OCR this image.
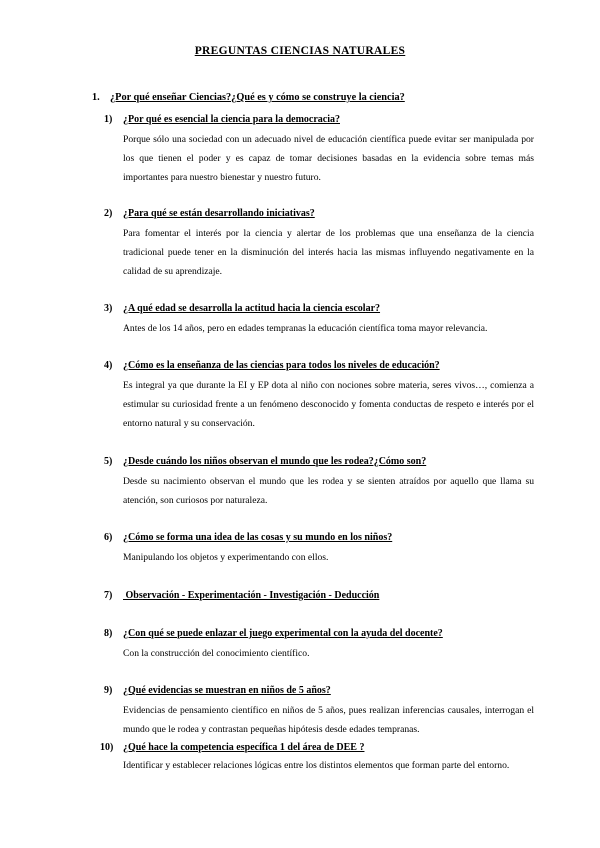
PREGUNTAS CIENCIAS NATURALES
1. ¿Por qué enseñar Ciencias?¿Qué es y cómo se construye la ciencia?
1) ¿Por qué es esencial la ciencia para la democracia?
Porque sólo una sociedad con un adecuado nivel de educación científica puede evitar ser manipulada por los que tienen el poder y es capaz de tomar decisiones basadas en la evidencia sobre temas más importantes para nuestro bienestar y nuestro futuro.
2) ¿Para qué se están desarrollando iniciativas?
Para fomentar el interés por la ciencia y alertar de los problemas que una enseñanza de la ciencia tradicional puede tener en la disminución del interés hacia las mismas influyendo negativamente en la calidad de su aprendizaje.
3) ¿A qué edad se desarrolla la actitud hacia la ciencia escolar?
Antes de los 14 años, pero en edades tempranas la educación científica toma mayor relevancia.
4) ¿Cómo es la enseñanza de las ciencias para todos los niveles de educación?
Es integral ya que durante la EI y EP dota al niño con nociones sobre materia, seres vivos…, comienza a estimular su curiosidad frente a un fenómeno desconocido y fomenta conductas de respeto e interés por el entorno natural y su conservación.
5) ¿Desde cuándo los niños observan el mundo que les rodea?¿Cómo son?
Desde su nacimiento observan el mundo que les rodea y se sienten atraídos por aquello que llama su atención, son curiosos por naturaleza.
6) ¿Cómo se forma una idea de las cosas y su mundo en los niños?
Manipulando los objetos y experimentando con ellos.
7) Observación - Experimentación - Investigación - Deducción
8) ¿Con qué se puede enlazar el juego experimental con la ayuda del docente?
Con la construcción del conocimiento científico.
9) ¿Qué evidencias se muestran en niños de 5 años?
Evidencias de pensamiento científico en niños de 5 años, pues realizan inferencias causales, interrogan el mundo que le rodea y contrastan pequeñas hipótesis desde edades tempranas.
10) ¿Qué hace la competencia específica 1 del área de DEE ?
Identificar y establecer relaciones lógicas entre los distintos elementos que forman parte del entorno.
